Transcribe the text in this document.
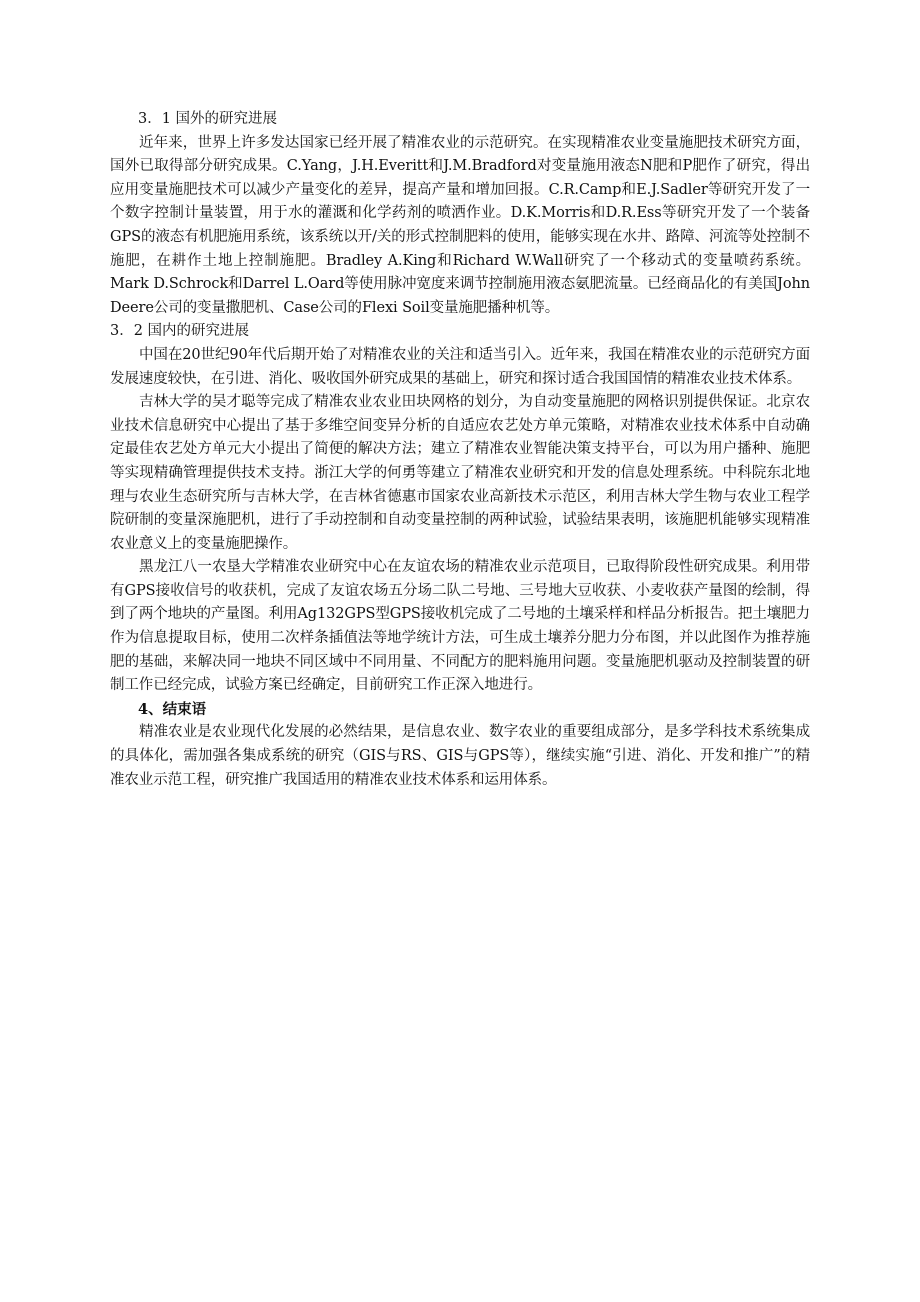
3．1 国外的研究进展

近年来，世界上许多发达国家已经开展了精准农业的示范研究。在实现精准农业变量施肥技术研究方面，国外已取得部分研究成果。C.Yang，J.H.Everitt和J.M.Bradford对变量施用液态N肥和P肥作了研究，得出应用变量施肥技术可以减少产量变化的差异，提高产量和增加回报。C.R.Camp和E.J.Sadler等研究开发了一个数字控制计量装置，用于水的灌溉和化学药剂的喷洒作业。D.K.Morris和D.R.Ess等研究开发了一个装备GPS的液态有机肥施用系统，该系统以开/关的形式控制肥料的使用，能够实现在水井、路障、河流等处控制不施肥，在耕作土地上控制施肥。Bradley A.King和Richard W.Wall研究了一个移动式的变量喷药系统。Mark D.Schrock和Darrel L.Oard等使用脉冲宽度来调节控制施用液态氨肥流量。已经商品化的有美国John Deere公司的变量撒肥机、Case公司的Flexi Soil变量施肥播种机等。

3．2 国内的研究进展

中国在20世纪90年代后期开始了对精准农业的关注和适当引入。近年来，我国在精准农业的示范研究方面发展速度较快，在引进、消化、吸收国外研究成果的基础上，研究和探讨适合我国国情的精准农业技术体系。

吉林大学的吴才聪等完成了精准农业农业田块网格的划分，为自动变量施肥的网格识别提供保证。北京农业技术信息研究中心提出了基于多维空间变异分析的自适应农艺处方单元策略，对精准农业技术体系中自动确定最佳农艺处方单元大小提出了简便的解决方法；建立了精准农业智能决策支持平台，可以为用户播种、施肥等实现精确管理提供技术支持。浙江大学的何勇等建立了精准农业研究和开发的信息处理系统。中科院东北地理与农业生态研究所与吉林大学，在吉林省德惠市国家农业高新技术示范区，利用吉林大学生物与农业工程学院研制的变量深施肥机，进行了手动控制和自动变量控制的两种试验，试验结果表明，该施肥机能够实现精准农业意义上的变量施肥操作。

黑龙江八一农垦大学精准农业研究中心在友谊农场的精准农业示范项目，已取得阶段性研究成果。利用带有GPS接收信号的收获机，完成了友谊农场五分场二队二号地、三号地大豆收获、小麦收获产量图的绘制，得到了两个地块的产量图。利用Ag132GPS型GPS接收机完成了二号地的土壤采样和样品分析报告。把土壤肥力作为信息提取目标，使用二次样条插值法等地学统计方法，可生成土壤养分肥力分布图，并以此图作为推荐施肥的基础，来解决同一地块不同区域中不同用量、不同配方的肥料施用问题。变量施肥机驱动及控制装置的研制工作已经完成，试验方案已经确定，目前研究工作正深入地进行。

4、结束语

精准农业是农业现代化发展的必然结果，是信息农业、数字农业的重要组成部分，是多学科技术系统集成的具体化，需加强各集成系统的研究（GIS与RS、GIS与GPS等），继续实施“引进、消化、开发和推广”的精准农业示范工程，研究推广我国适用的精准农业技术体系和运用体系。
